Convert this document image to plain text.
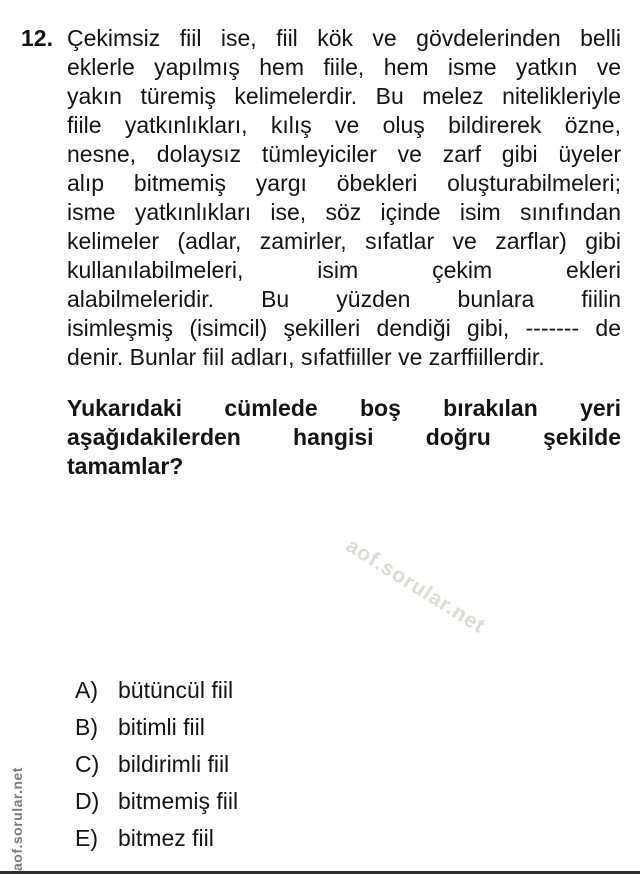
12. Çekimsiz fiil ise, fiil kök ve gövdelerinden belli
eklerle yapılmış hem fiile, hem isme yatkın ve
yakın türemiş kelimelerdir. Bu melez nitelikleriyle
fiile yatkınlıkları, kılış ve oluş bildirerek özne,
nesne, dolaysız tümleyiciler ve zarf gibi üyeler
alıp bitmemiş yargı öbekleri oluşturabilmeleri;
isme yatkınlıkları ise, söz içinde isim sınıfından
kelimeler (adlar, zamirler, sıfatlar ve zarflar) gibi
kullanılabilmeleri, isim çekim ekleri
alabilmeleridir. Bu yüzden bunlara fiilin
isimleşmiş (isimcil) şekilleri dendiği gibi, ------- de
denir. Bunlar fiil adları, sıfatfiiller ve zarffiillerdir.
Yukarıdaki cümlede boş bırakılan yeri
aşağıdakilerden hangisi doğru şekilde
tamamlar?
aof.sorular.net
A) bütüncül fiil
B) bitimli fiil
C) bildirimli fiil
D) bitmemiş fiil
E) bitmez fiil
aof.sorular.net
